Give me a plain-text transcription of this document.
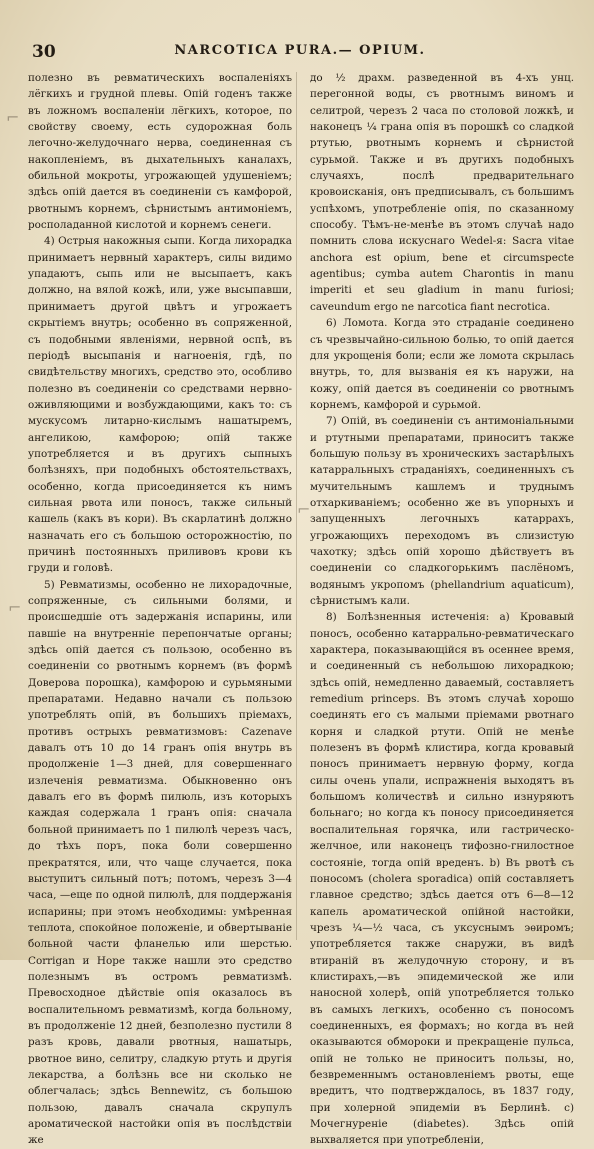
30	NARCOTICA PURA.— OPIUM.

полезно въ ревматическихъ воспаленіяхъ лёгкихъ и грудной плевы. Опій годенъ также въ ложномъ воспаленіи лёгкихъ, которое, по свойству своему, есть судорожная боль легочно-желудочнаго нерва, соединенная съ накопленіемъ, въ дыхательныхъ каналахъ, обильной мокроты, угрожающей удушеніемъ; здѣсь опій дается въ соединеніи съ камфорой, рвотнымъ корнемъ, сѣрнистымъ антимоніемъ, росполаданной кислотой и корнемъ сенеги.

4) Острыя накожныя сыпи. Когда лихорадка принимаетъ нервный характеръ, силы видимо упадаютъ, сыпь или не высыпаетъ, какъ должно, на вялой кожѣ, или, уже высыпавши, принимаетъ другой цвѣтъ и угрожаетъ скрытіемъ внутрь; особенно въ сопряженной, съ подобными явленіями, нервной оспѣ, въ періодѣ высыпанія и нагноенія, гдѣ, по свидѣтельству многихъ, средство это, особливо полезно въ соединеніи со средствами нервно-оживляющими и возбуждающими, какъ то: съ мускусомъ литарно-кислымъ нашатыремъ, ангеликою, камфорою; опій также употребляется и въ другихъ сыпныхъ болѣзняхъ, при подобныхъ обстоятельствахъ, особенно, когда присоединяется къ нимъ сильная рвота или поносъ, также сильный кашель (какъ въ кори). Въ скарлатинѣ должно назначать его съ большою осторожностію, по причинѣ постоянныхъ приливовъ крови къ груди и головѣ.

5) Ревматизмы, особенно не лихорадочные, сопряженные, съ сильными болями, и происшедшіе отъ задержанія испарины, или павшіе на внутренніе перепончатые органы; здѣсь опій дается съ пользою, особенно въ соединеніи со рвотнымъ корнемъ (въ формѣ Доверова порошка), камфорою и сурьмяными препаратами. Недавно начали съ пользою употреблять опій, въ большихъ пріемахъ, противъ острыхъ ревматизмовъ: Cazenave давалъ отъ 10 до 14 гранъ опія внутрь въ продолженіе 1—3 дней, для совершеннаго излеченія ревматизма. Обыкновенно онъ давалъ его въ формѣ пилюль, изъ которыхъ каждая содержала 1 гранъ опія: сначала больной принимаетъ по 1 пилюлѣ черезъ часъ, до тѣхъ поръ, пока боли совершенно прекратятся, или, что чаще случается, пока выступитъ сильный потъ; потомъ, черезъ 3—4 часа, —еще по одной пилюлѣ, для поддержанія испарины; при этомъ необходимы: умѣренная теплота, спокойное положеніе, и обвертываніе больной части фланелью или шерстью. Corrigan и Hope также нашли это средство полезнымъ въ остромъ ревматизмѣ. Превосходное дѣйствіе опія оказалось въ воспалительномъ ревматизмѣ, когда больному, въ продолженіе 12 дней, безполезно пустили 8 разъ кровь, давали рвотныя, нашатырь, рвотное вино, селитру, сладкую ртуть и другія лекарства, а болѣзнь все ни сколько не облегчалась; здѣсь Bennewitz, съ большою пользою, давалъ сначала скрупулъ ароматической настойки опія въ послѣдствіи же

до ½ драхм. разведенной въ 4-хъ унц. перегонной воды, съ рвотнымъ виномъ и селитрой, черезъ 2 часа по столовой ложкѣ, и наконецъ ¼ грана опія въ порошкѣ со сладкой ртутью, рвотнымъ корнемъ и сѣрнистой сурьмой. Также и въ другихъ подобныхъ случаяхъ, послѣ предварительнаго кровоисканія, онъ предписывалъ, съ большимъ успѣхомъ, употребленіе опія, по сказанному способу. Тѣмъ-не-менѣе въ этомъ случаѣ надо помнить слова искуснаго Wedel-я: Sacra vitae anchora est opium, bene et circumspecte agentibus; cymba autem Charontis in manu imperiti et seu gladium in manu furiosi; caveundum ergo ne narcotica fiant necrotica.

6) Ломота. Когда это страданіе соединено съ чрезвычайно-сильною болью, то опій дается для укрощенія боли; если же ломота скрылась внутрь, то, для вызванія ея къ наружи, на кожу, опій дается въ соединеніи со рвотнымъ корнемъ, камфорой и сурьмой.

7) Опій, въ соединеніи съ антимоніальными и ртутными препаратами, приноситъ также большую пользу въ хроническихъ застарѣлыхъ катарральныхъ страданіяхъ, соединенныхъ съ мучительнымъ кашлемъ и труднымъ отхаркиваніемъ; особенно же въ упорныхъ и запущенныхъ легочныхъ катаррахъ, угрожающихъ переходомъ въ слизистую чахотку; здѣсь опій хорошо дѣйствуетъ въ соединеніи со сладкогорькимъ паслёномъ, водянымъ укропомъ (phellandrium aquaticum), сѣрнистымъ кали.

8) Болѣзненныя истеченія: а) Кровавый поносъ, особенно катаррально-ревматическаго характера, показывающійся въ осеннее время, и соединенный съ небольшою лихорадкою; здѣсь опій, немедленно даваемый, составляетъ remedium princeps. Въ этомъ случаѣ хорошо соединять его съ малыми пріемами рвотнаго корня и сладкой ртути. Опій не менѣе полезенъ въ формѣ клистира, когда кровавый поносъ принимаетъ нервную форму, когда силы очень упали, испражненія выходятъ въ большомъ количествѣ и сильно изнуряютъ больнаго; но когда къ поносу присоединяется воспалительная горячка, или гастрическо-желчное, или наконецъ тифозно-гнилостное состояніе, тогда опій вреденъ. b) Въ рвотѣ съ поносомъ (cholera sporadica) опій составляетъ главное средство; здѣсь дается отъ 6—8—12 капель ароматической опійной настойки, чрезъ ¼—½ часа, съ уксуснымъ эѳиромъ; употребляется также снаружи, въ видѣ втираній въ желудочную сторону, и въ клистирахъ,—въ эпидемической же или наносной холерѣ, опій употребляется только въ самыхъ легкихъ, особенно съ поносомъ соединенныхъ, ея формахъ; но когда въ ней оказываются обмороки и прекращеніе пульса, опій не только не приноситъ пользы, но, безвременнымъ остановленіемъ рвоты, еще вредитъ, что подтверждалось, въ 1837 году, при холерной эпидеміи въ Берлинѣ. с) Мочегнуреніе (diabetes). Здѣсь опій выхваляется при употребленіи,

⌐
⌐
⌐
